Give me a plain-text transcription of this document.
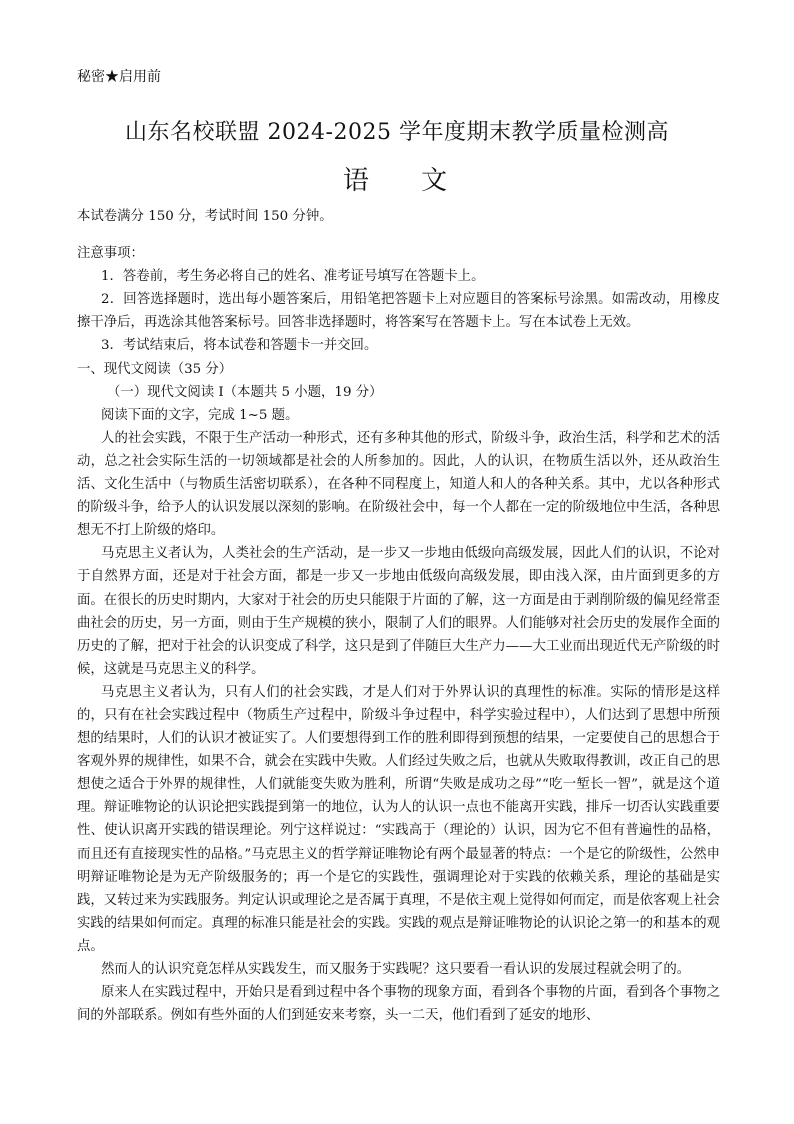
秘密★启用前
山东名校联盟 2024-2025 学年度期末教学质量检测高
语 文

本试卷满分 150 分，考试时间 150 分钟。

注意事项：

1．答卷前，考生务必将自己的姓名、准考证号填写在答题卡上。

2．回答选择题时，选出每小题答案后，用铅笔把答题卡上对应题目的答案标号涂黑。如需改动，用橡皮擦干净后，再选涂其他答案标号。回答非选择题时，将答案写在答题卡上。写在本试卷上无效。

3．考试结束后，将本试卷和答题卡一并交回。

一、现代文阅读（35 分）

（一）现代文阅读 I（本题共 5 小题，19 分）

阅读下面的文字，完成 1~5 题。

人的社会实践，不限于生产活动一种形式，还有多种其他的形式，阶级斗争，政治生活，科学和艺术的活动，总之社会实际生活的一切领域都是社会的人所参加的。因此，人的认识，在物质生活以外，还从政治生活、文化生活中（与物质生活密切联系），在各种不同程度上，知道人和人的各种关系。其中，尤以各种形式的阶级斗争，给予人的认识发展以深刻的影响。在阶级社会中，每一个人都在一定的阶级地位中生活，各种思想无不打上阶级的烙印。

马克思主义者认为，人类社会的生产活动，是一步又一步地由低级向高级发展，因此人们的认识，不论对于自然界方面，还是对于社会方面，都是一步又一步地由低级向高级发展，即由浅入深，由片面到更多的方面。在很长的历史时期内，大家对于社会的历史只能限于片面的了解，这一方面是由于剥削阶级的偏见经常歪曲社会的历史，另一方面，则由于生产规模的狭小，限制了人们的眼界。人们能够对社会历史的发展作全面的历史的了解，把对于社会的认识变成了科学，这只是到了伴随巨大生产力——大工业而出现近代无产阶级的时候，这就是马克思主义的科学。

马克思主义者认为，只有人们的社会实践，才是人们对于外界认识的真理性的标准。实际的情形是这样的，只有在社会实践过程中（物质生产过程中，阶级斗争过程中，科学实验过程中），人们达到了思想中所预想的结果时，人们的认识才被证实了。人们要想得到工作的胜利即得到预想的结果，一定要使自己的思想合于客观外界的规律性，如果不合，就会在实践中失败。人们经过失败之后，也就从失败取得教训，改正自己的思想使之适合于外界的规律性，人们就能变失败为胜利，所谓“失败是成功之母”“吃一堑长一智”，就是这个道理。辩证唯物论的认识论把实践提到第一的地位，认为人的认识一点也不能离开实践，排斥一切否认实践重要性、使认识离开实践的错误理论。列宁这样说过：“实践高于（理论的）认识，因为它不但有普遍性的品格，而且还有直接现实性的品格。”马克思主义的哲学辩证唯物论有两个最显著的特点：一个是它的阶级性，公然申明辩证唯物论是为无产阶级服务的；再一个是它的实践性，强调理论对于实践的依赖关系，理论的基础是实践，又转过来为实践服务。判定认识或理论之是否属于真理，不是依主观上觉得如何而定，而是依客观上社会实践的结果如何而定。真理的标准只能是社会的实践。实践的观点是辩证唯物论的认识论之第一的和基本的观点。

然而人的认识究竟怎样从实践发生，而又服务于实践呢？这只要看一看认识的发展过程就会明了的。

原来人在实践过程中，开始只是看到过程中各个事物的现象方面，看到各个事物的片面，看到各个事物之间的外部联系。例如有些外面的人们到延安来考察，头一二天，他们看到了延安的地形、
